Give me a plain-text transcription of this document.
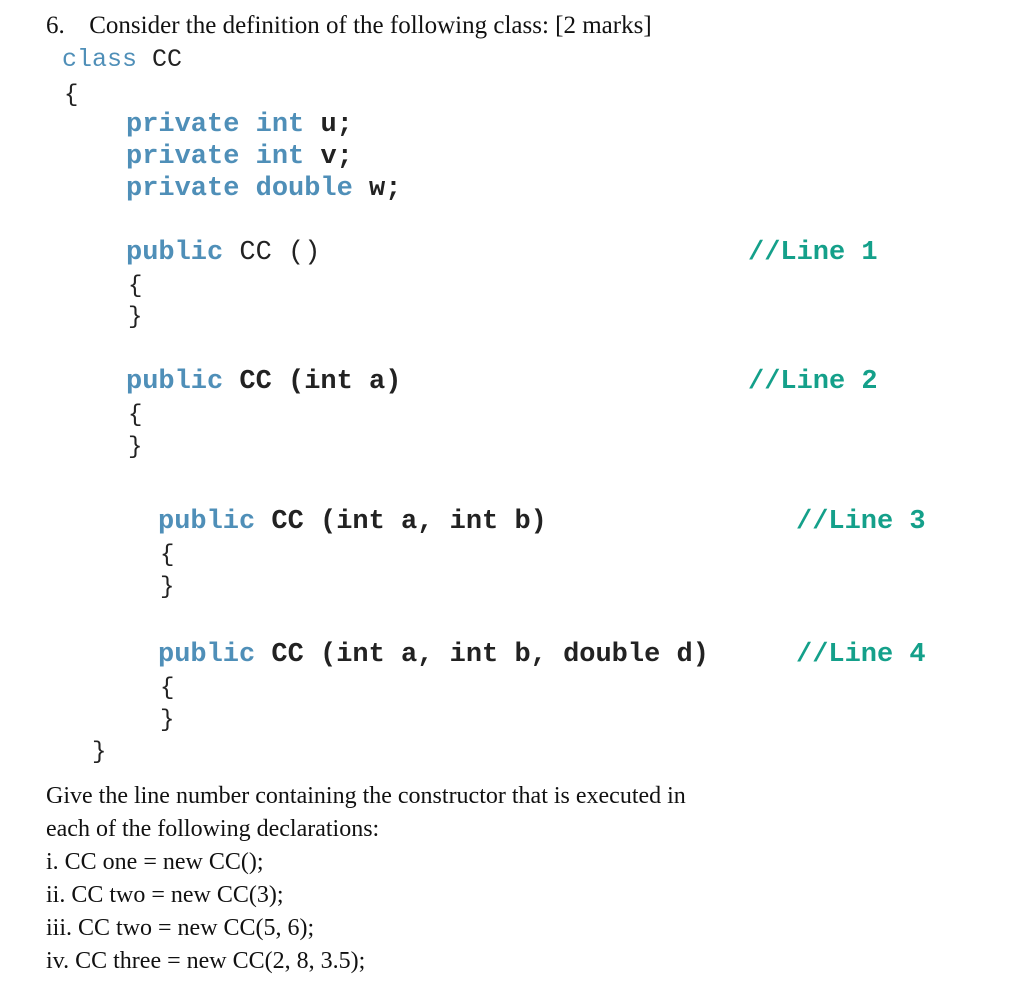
6. Consider the definition of the following class: [2 marks]
class CC
{
private int u;
private int v;
private double w;
public CC ()	//Line 1
{
}
public CC (int a)	//Line 2
{
}
public CC (int a, int b)	//Line 3
{
}
public CC (int a, int b, double d)	//Line 4
{
}
}
Give the line number containing the constructor that is executed in
each of the following declarations:
i. CC one = new CC();
ii. CC two = new CC(3);
iii. CC two = new CC(5, 6);
iv. CC three = new CC(2, 8, 3.5);
